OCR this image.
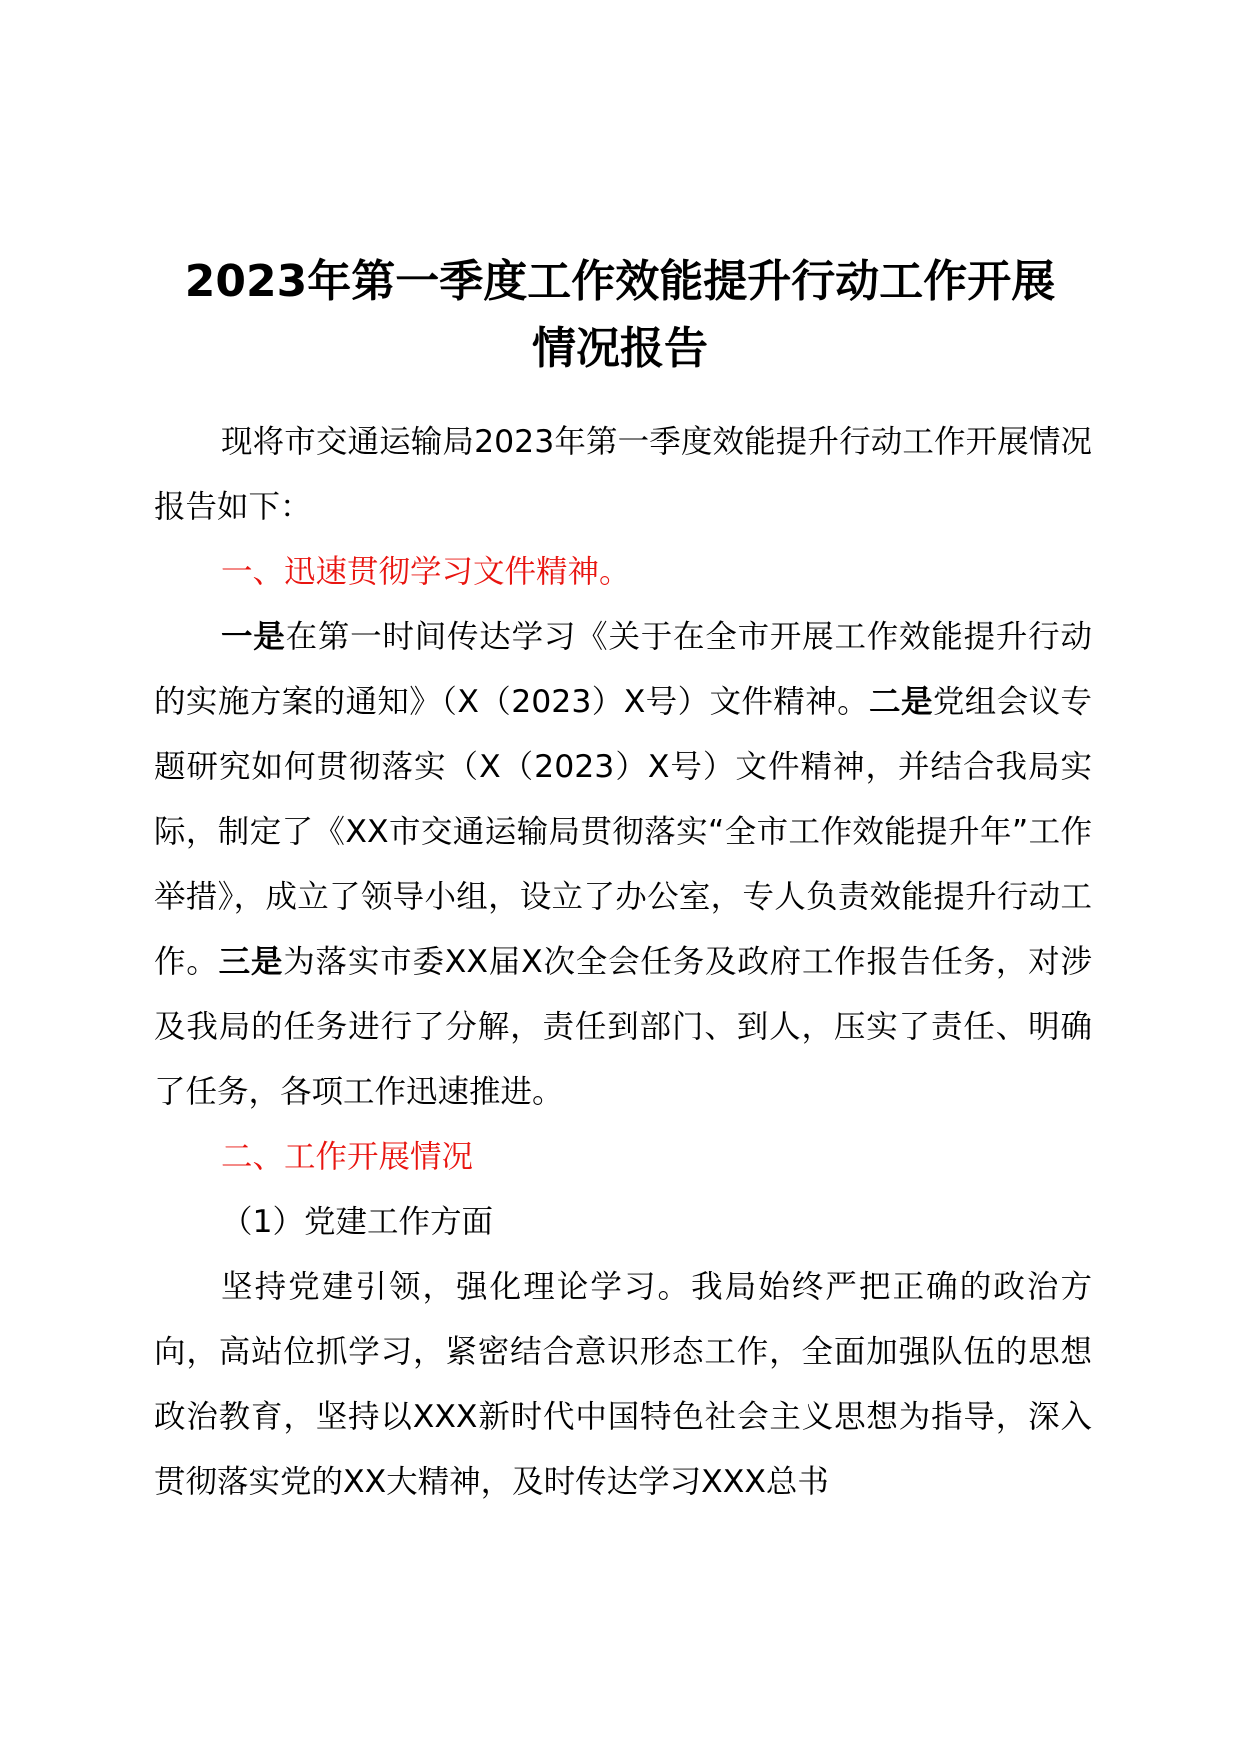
2023年第一季度工作效能提升行动工作开展
情况报告

现将市交通运输局2023年第一季度效能提升行动工作开展情况报告如下：

一、迅速贯彻学习文件精神。

一是在第一时间传达学习《关于在全市开展工作效能提升行动的实施方案的通知》（X（2023）X号）文件精神。二是党组会议专题研究如何贯彻落实（X（2023）X号）文件精神，并结合我局实际，制定了《XX市交通运输局贯彻落实“全市工作效能提升年”工作举措》，成立了领导小组，设立了办公室，专人负责效能提升行动工作。三是为落实市委XX届X次全会任务及政府工作报告任务，对涉及我局的任务进行了分解，责任到部门、到人，压实了责任、明确了任务，各项工作迅速推进。

二、工作开展情况

（1）党建工作方面

坚持党建引领，强化理论学习。我局始终严把正确的政治方向，高站位抓学习，紧密结合意识形态工作，全面加强队伍的思想政治教育，坚持以XXX新时代中国特色社会主义思想为指导，深入贯彻落实党的XX大精神，及时传达学习XXX总书
